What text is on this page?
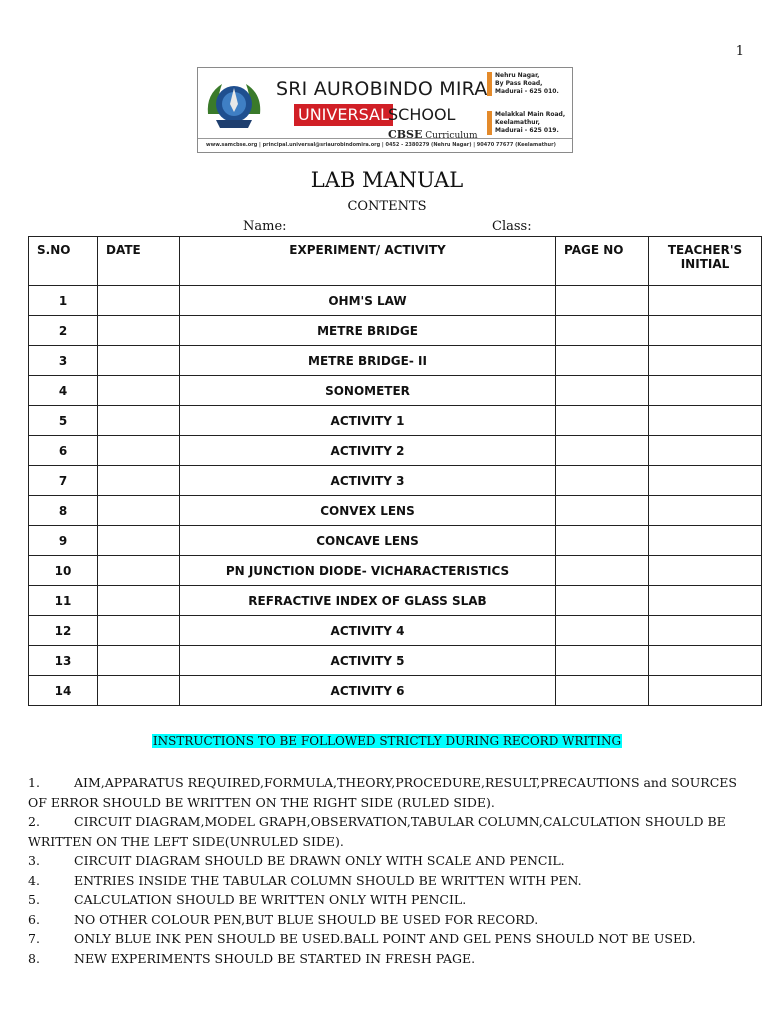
1
SRI AUROBINDO MIRA
UNIVERSAL SCHOOL
CBSE Curriculum
Nehru Nagar,
By Pass Road,
Madurai - 625 010.
Melakkal Main Road,
Keelamathur,
Madurai - 625 019.
www.samcbse.org | principal.universal@sriaurobindomira.org | 0452 - 2380279 (Nehru Nagar) | 90470 77677 (Keelamathur)
LAB MANUAL
CONTENTS
Name:	Class:
S.NO	DATE	EXPERIMENT/ ACTIVITY	PAGE NO	TEACHER'S INITIAL
1		OHM'S LAW		
2		METRE BRIDGE		
3		METRE BRIDGE- II		
4		SONOMETER		
5		ACTIVITY 1		
6		ACTIVITY 2		
7		ACTIVITY 3		
8		CONVEX LENS		
9		CONCAVE LENS		
10		PN JUNCTION DIODE- VICHARACTERISTICS		
11		REFRACTIVE INDEX OF GLASS SLAB		
12		ACTIVITY 4		
13		ACTIVITY 5		
14		ACTIVITY 6		
INSTRUCTIONS TO BE FOLLOWED STRICTLY DURING RECORD WRITING

1.	AIM,APPARATUS REQUIRED,FORMULA,THEORY,PROCEDURE,RESULT,PRECAUTIONS and SOURCES OF ERROR SHOULD BE WRITTEN ON THE RIGHT SIDE (RULED SIDE).

2.	CIRCUIT DIAGRAM,MODEL GRAPH,OBSERVATION,TABULAR COLUMN,CALCULATION SHOULD BE WRITTEN ON THE LEFT SIDE(UNRULED SIDE).

3.	CIRCUIT DIAGRAM SHOULD BE DRAWN ONLY WITH SCALE AND PENCIL.

4.	ENTRIES INSIDE THE TABULAR COLUMN SHOULD BE WRITTEN WITH PEN.

5.	CALCULATION SHOULD BE WRITTEN ONLY WITH PENCIL.

6.	NO OTHER COLOUR PEN,BUT BLUE SHOULD BE USED FOR RECORD.

7.	ONLY BLUE INK PEN SHOULD BE USED.BALL POINT AND GEL PENS SHOULD NOT BE USED.

8.	NEW EXPERIMENTS SHOULD BE STARTED IN FRESH PAGE.
